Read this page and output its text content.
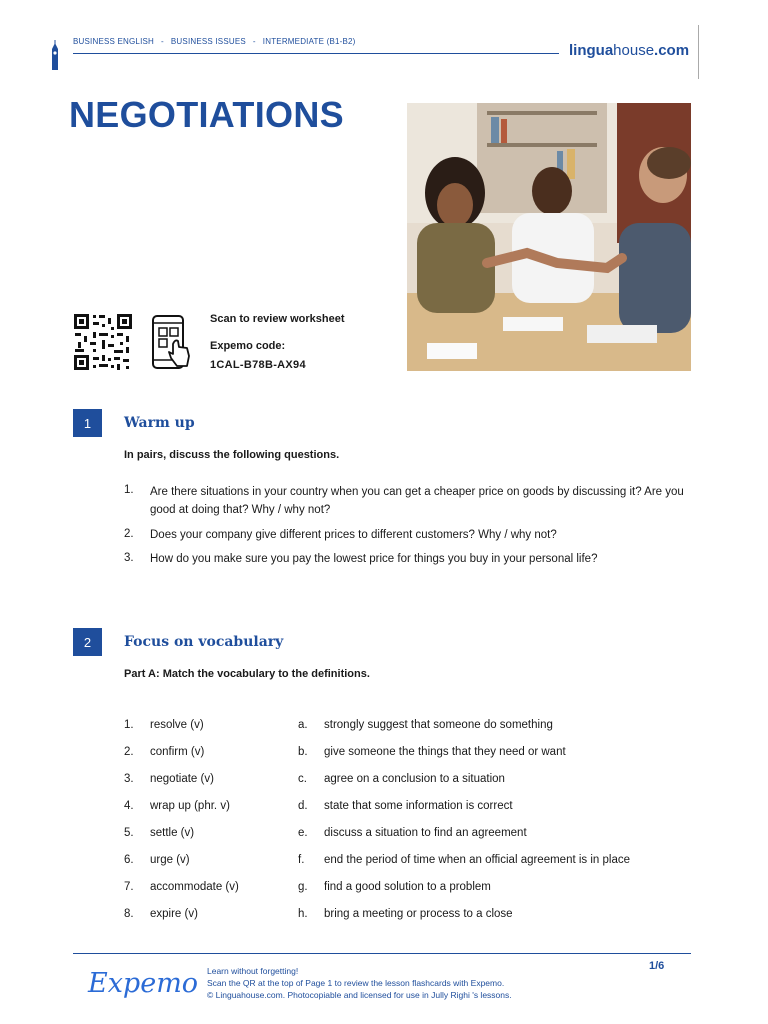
BUSINESS ENGLISH - BUSINESS ISSUES - INTERMEDIATE (B1-B2)
linguahouse.com
NEGOTIATIONS
Scan to review worksheet
Expemo code:
1CAL-B78B-AX94
1	Warm up
In pairs, discuss the following questions.
1. Are there situations in your country when you can get a cheaper price on goods by discussing it? Are you good at doing that? Why / why not?
2. Does your company give different prices to different customers? Why / why not?
3. How do you make sure you pay the lowest price for things you buy in your personal life?
2	Focus on vocabulary
Part A: Match the vocabulary to the definitions.
1. resolve (v)	a. strongly suggest that someone do something
2. confirm (v)	b. give someone the things that they need or want
3. negotiate (v)	c. agree on a conclusion to a situation
4. wrap up (phr. v)	d. state that some information is correct
5. settle (v)	e. discuss a situation to find an agreement
6. urge (v)	f. end the period of time when an official agreement is in place
7. accommodate (v)	g. find a good solution to a problem
8. expire (v)	h. bring a meeting or process to a close
Expemo Learn without forgetting!
Scan the QR at the top of Page 1 to review the lesson flashcards with Expemo.
© Linguahouse.com. Photocopiable and licensed for use in Jully Righi 's lessons.
1/6
